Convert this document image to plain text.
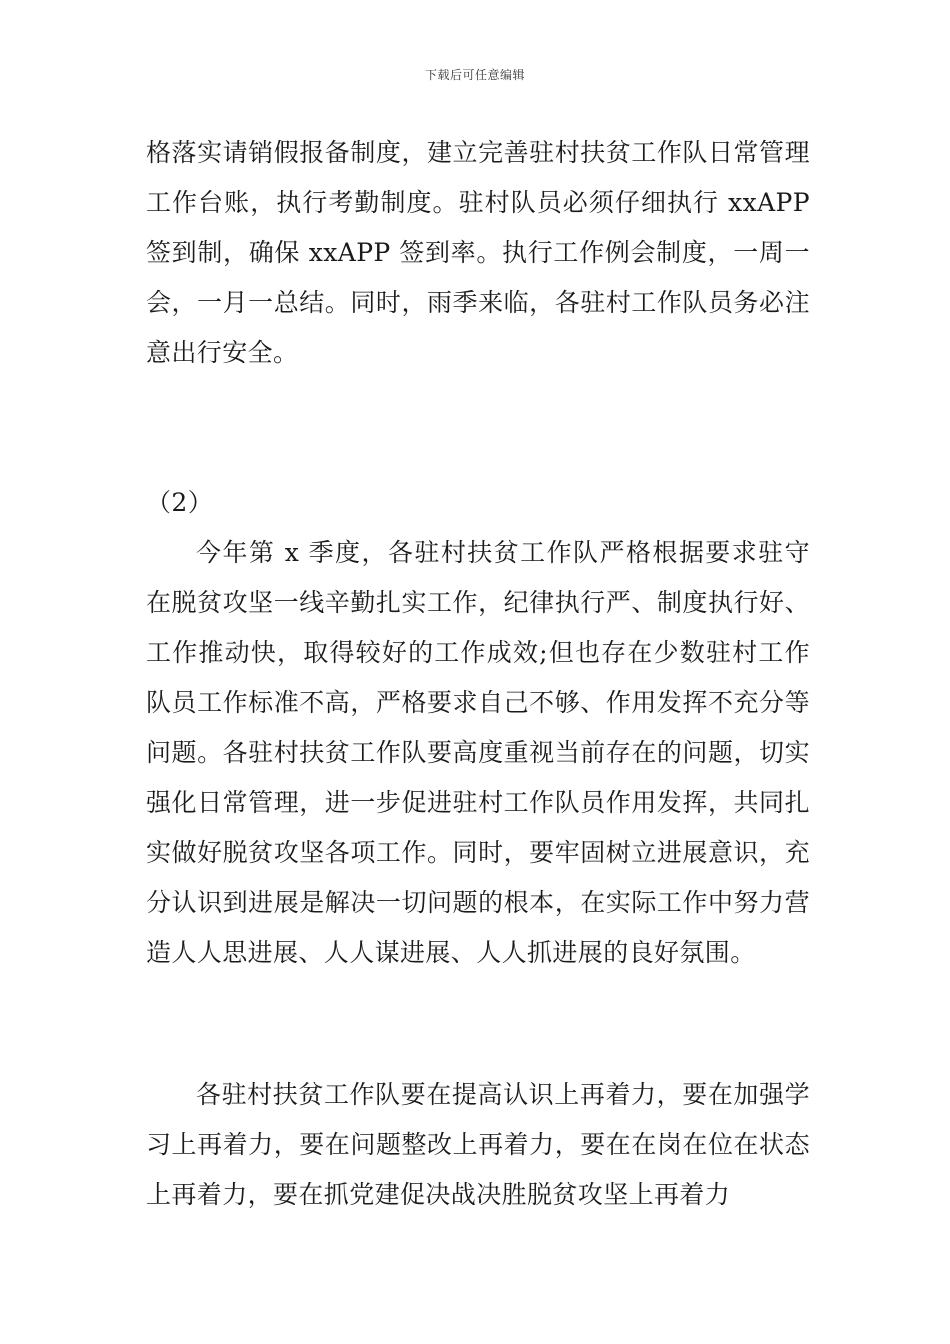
下载后可任意编辑

格落实请销假报备制度，建立完善驻村扶贫工作队日常管理工作台账，执行考勤制度。驻村队员必须仔细执行 xxAPP 签到制，确保 xxAPP 签到率。执行工作例会制度，一周一会，一月一总结。同时，雨季来临，各驻村工作队员务必注意出行安全。

（2）

今年第 x 季度，各驻村扶贫工作队严格根据要求驻守在脱贫攻坚一线辛勤扎实工作，纪律执行严、制度执行好、工作推动快，取得较好的工作成效;但也存在少数驻村工作队员工作标准不高，严格要求自己不够、作用发挥不充分等问题。各驻村扶贫工作队要高度重视当前存在的问题，切实强化日常管理，进一步促进驻村工作队员作用发挥，共同扎实做好脱贫攻坚各项工作。同时，要牢固树立进展意识，充分认识到进展是解决一切问题的根本，在实际工作中努力营造人人思进展、人人谋进展、人人抓进展的良好氛围。

各驻村扶贫工作队要在提高认识上再着力，要在加强学习上再着力，要在问题整改上再着力，要在在岗在位在状态上再着力，要在抓党建促决战决胜脱贫攻坚上再着力
